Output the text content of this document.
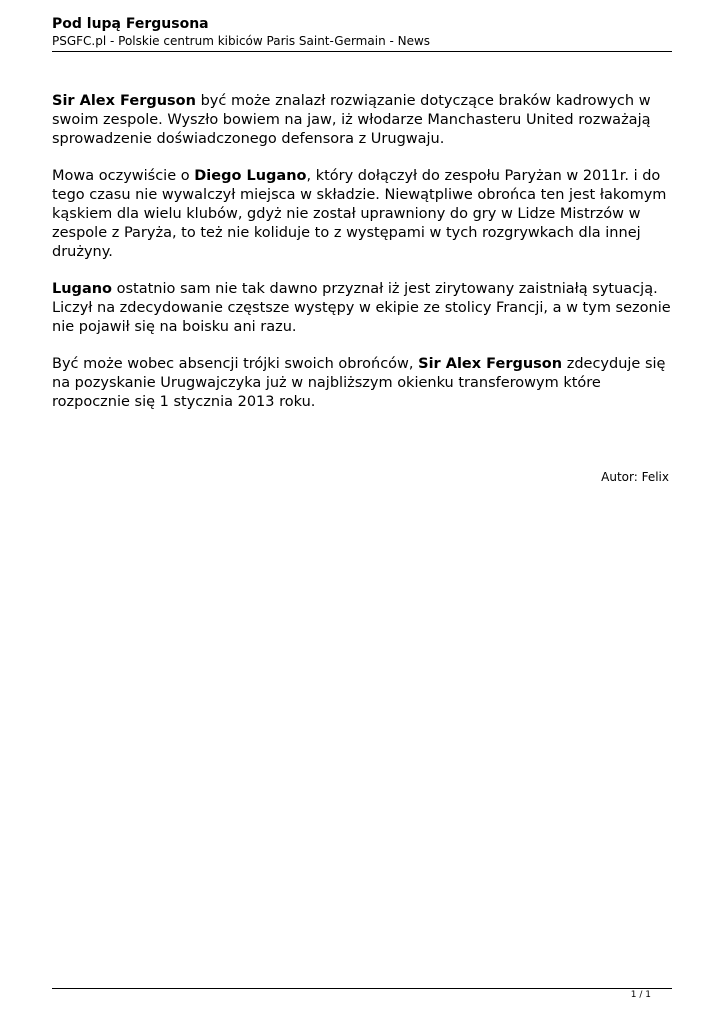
Pod lupą Fergusona

PSGFC.pl - Polskie centrum kibiców Paris Saint-Germain - News

Sir Alex Ferguson być może znalazł rozwiązanie dotyczące braków kadrowych w swoim zespole. Wyszło bowiem na jaw, iż włodarze Manchasteru United rozważają sprowadzenie doświadczonego defensora z Urugwaju.

Mowa oczywiście o Diego Lugano, który dołączył do zespołu Paryżan w 2011r. i do tego czasu nie wywalczył miejsca w składzie. Niewątpliwe obrońca ten jest łakomym kąskiem dla wielu klubów, gdyż nie został uprawniony do gry w Lidze Mistrzów w zespole z Paryża, to też nie koliduje to z występami w tych rozgrywkach dla innej drużyny.

Lugano ostatnio sam nie tak dawno przyznał iż jest zirytowany zaistniałą sytuacją. Liczył na zdecydowanie częstsze występy w ekipie ze stolicy Francji, a w tym sezonie nie pojawił się na boisku ani razu.

Być może wobec absencji trójki swoich obrońców, Sir Alex Ferguson zdecyduje się na pozyskanie Urugwajczyka już w najbliższym okienku transferowym które rozpocznie się 1 stycznia 2013 roku.

Autor: Felix
1 / 1
